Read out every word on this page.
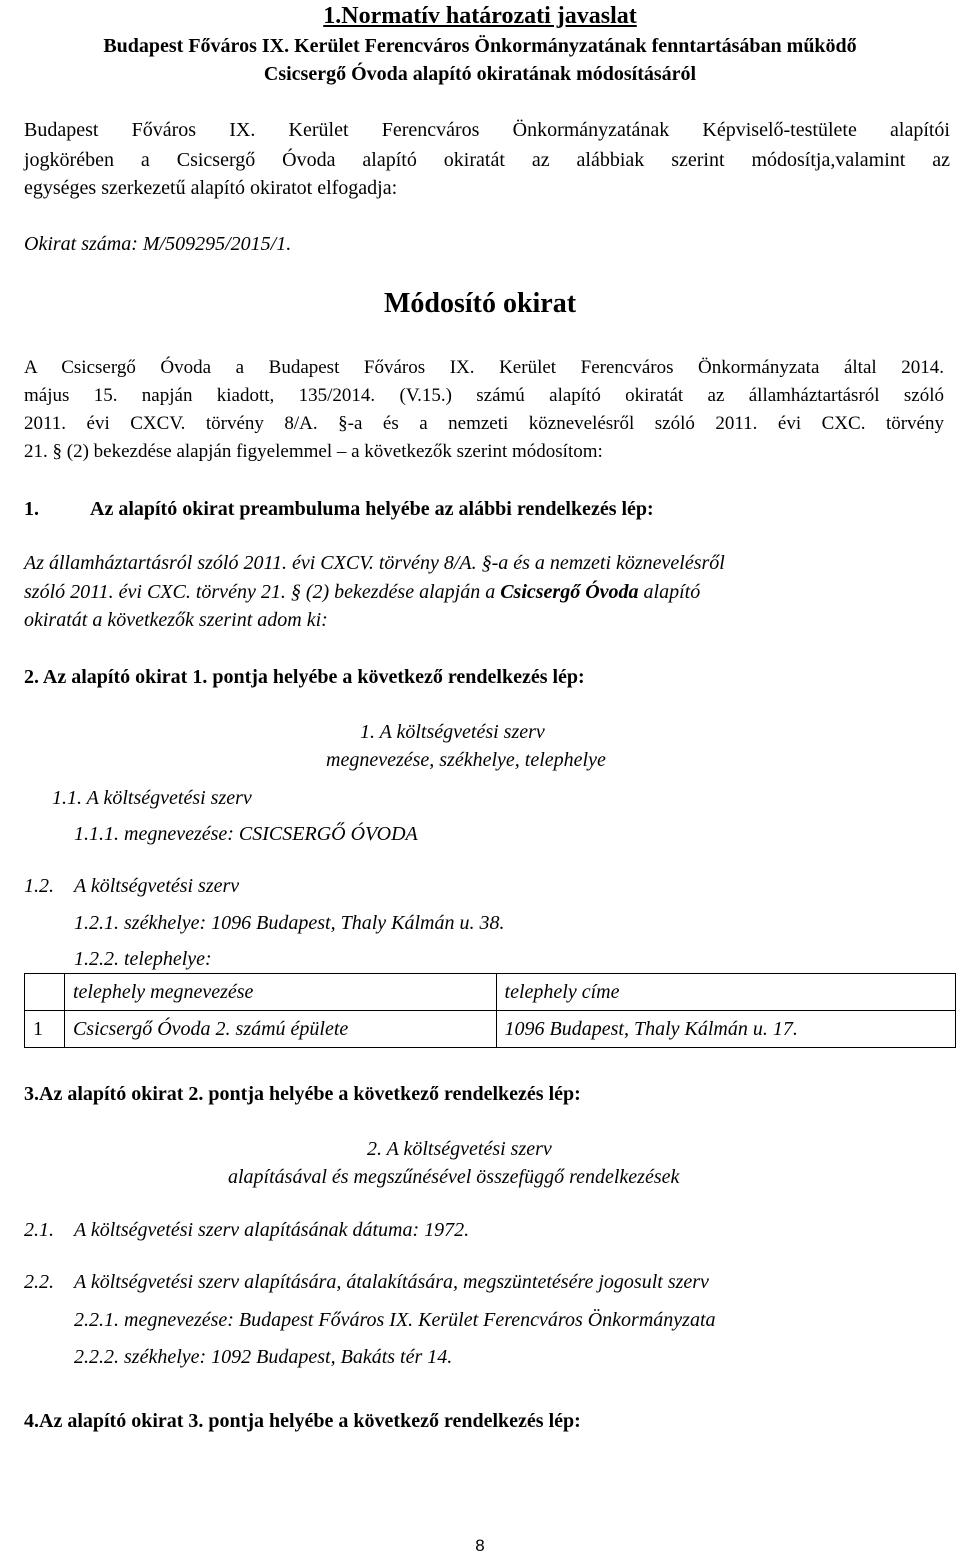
1.Normatív határozati javaslat
Budapest Főváros IX. Kerület Ferencváros Önkormányzatának fenntartásában működő
Csicsergő Óvoda alapító okiratának módosításáról
Budapest Főváros IX. Kerület Ferencváros Önkormányzatának Képviselő-testülete alapítói
jogkörében a Csicsergő Óvoda alapító okiratát az alábbiak szerint módosítja,valamint az
egységes szerkezetű alapító okiratot elfogadja:
Okirat száma: M/509295/2015/1.
Módosító okirat
A Csicsergő Óvoda a Budapest Főváros IX. Kerület Ferencváros Önkormányzata által 2014.
május 15. napján kiadott, 135/2014. (V.15.) számú alapító okiratát az államháztartásról szóló
2011. évi CXCV. törvény 8/A. §-a és a nemzeti köznevelésről szóló 2011. évi CXC. törvény
21. § (2) bekezdése alapján figyelemmel – a következők szerint módosítom:
1.	Az alapító okirat preambuluma helyébe az alábbi rendelkezés lép:
Az államháztartásról szóló 2011. évi CXCV. törvény 8/A. §-a és a nemzeti köznevelésről
szóló 2011. évi CXC. törvény 21. § (2) bekezdése alapján a Csicsergő Óvoda alapító
okiratát a következők szerint adom ki:
2. Az alapító okirat 1. pontja helyébe a következő rendelkezés lép:
1. A költségvetési szerv
megnevezése, székhelye, telephelye
1.1. A költségvetési szerv
1.1.1. megnevezése: CSICSERGŐ ÓVODA
1.2. A költségvetési szerv
1.2.1. székhelye: 1096 Budapest, Thaly Kálmán u. 38.
1.2.2. telephelye:
	telephely megnevezése	telephely címe
1	Csicsergő Óvoda 2. számú épülete	1096 Budapest, Thaly Kálmán u. 17.
3.Az alapító okirat 2. pontja helyébe a következő rendelkezés lép:
2. A költségvetési szerv
alapításával és megszűnésével összefüggő rendelkezések
2.1. A költségvetési szerv alapításának dátuma: 1972.
2.2. A költségvetési szerv alapítására, átalakítására, megszüntetésére jogosult szerv
2.2.1. megnevezése: Budapest Főváros IX. Kerület Ferencváros Önkormányzata
2.2.2. székhelye: 1092 Budapest, Bakáts tér 14.
4.Az alapító okirat 3. pontja helyébe a következő rendelkezés lép:
8
